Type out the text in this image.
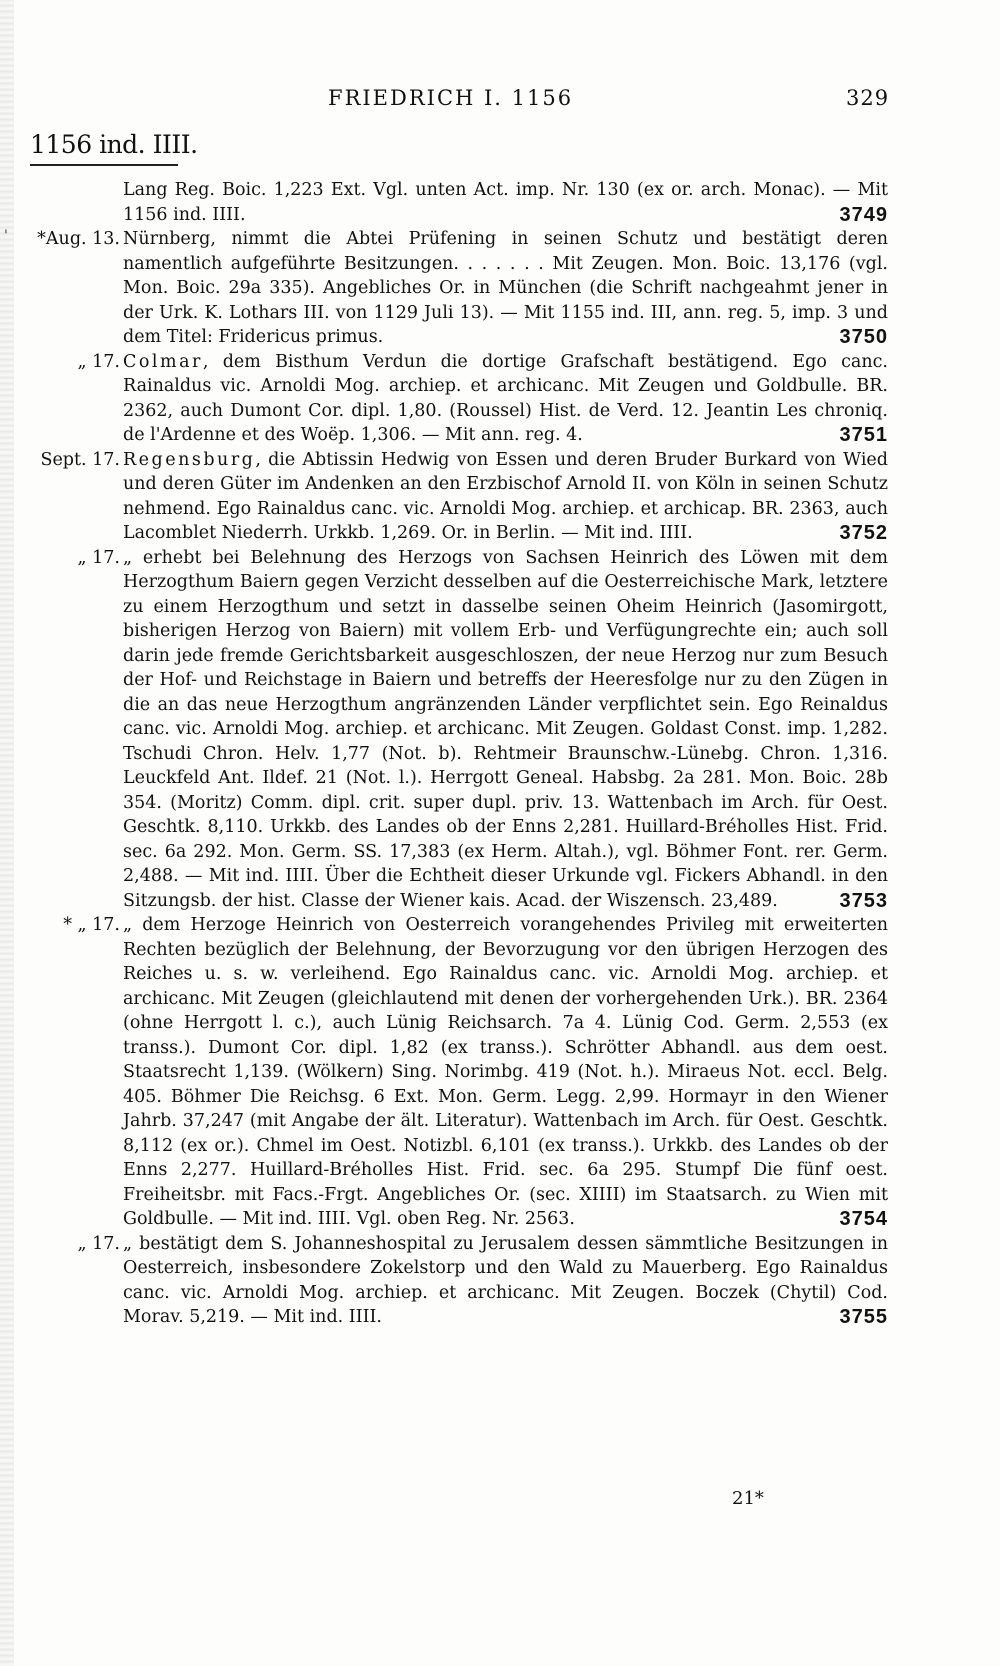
'
FRIEDRICH I. 1156	329
1156 ind. IIII.
Lang Reg. Boic. 1,223 Ext. Vgl. unten Act. imp. Nr. 130 (ex or. arch. Monac). — Mit 1156 ind. IIII.	3749
*Aug. 13. Nürnberg, nimmt die Abtei Prüfening in seinen Schutz und bestätigt deren namentlich aufgeführte Besitzungen. . . . . . . Mit Zeugen. Mon. Boic. 13,176 (vgl. Mon. Boic. 29a 335). Angebliches Or. in München (die Schrift nachgeahmt jener in der Urk. K. Lothars III. von 1129 Juli 13). — Mit 1155 ind. III, ann. reg. 5, imp. 3 und dem Titel: Fridericus primus.	3750
„ 17. Colmar, dem Bisthum Verdun die dortige Grafschaft bestätigend. Ego canc. Rainaldus vic. Arnoldi Mog. archiep. et archicanc. Mit Zeugen und Goldbulle. BR. 2362, auch Dumont Cor. dipl. 1,80. (Roussel) Hist. de Verd. 12. Jeantin Les chroniq. de l'Ardenne et des Woëp. 1,306. — Mit ann. reg. 4.	3751
Sept. 17. Regensburg, die Abtissin Hedwig von Essen und deren Bruder Burkard von Wied und deren Güter im Andenken an den Erzbischof Arnold II. von Köln in seinen Schutz nehmend. Ego Rainaldus canc. vic. Arnoldi Mog. archiep. et archicap. BR. 2363, auch Lacomblet Niederrh. Urkkb. 1,269. Or. in Berlin. — Mit ind. IIII.	3752
„ 17. „ erhebt bei Belehnung des Herzogs von Sachsen Heinrich des Löwen mit dem Herzogthum Baiern gegen Verzicht desselben auf die Oesterreichische Mark, letztere zu einem Herzogthum und setzt in dasselbe seinen Oheim Heinrich (Jasomirgott, bisherigen Herzog von Baiern) mit vollem Erb- und Verfügungrechte ein; auch soll darin jede fremde Gerichtsbarkeit ausgeschloszen, der neue Herzog nur zum Besuch der Hof- und Reichstage in Baiern und betreffs der Heeresfolge nur zu den Zügen in die an das neue Herzogthum angränzenden Länder verpflichtet sein. Ego Reinaldus canc. vic. Arnoldi Mog. archiep. et archicanc. Mit Zeugen. Goldast Const. imp. 1,282. Tschudi Chron. Helv. 1,77 (Not. b). Rehtmeir Braunschw.-Lünebg. Chron. 1,316. Leuckfeld Ant. Ildef. 21 (Not. l.). Herrgott Geneal. Habsbg. 2a 281. Mon. Boic. 28b 354. (Moritz) Comm. dipl. crit. super dupl. priv. 13. Wattenbach im Arch. für Oest. Geschtk. 8,110. Urkkb. des Landes ob der Enns 2,281. Huillard-Bréholles Hist. Frid. sec. 6a 292. Mon. Germ. SS. 17,383 (ex Herm. Altah.), vgl. Böhmer Font. rer. Germ. 2,488. — Mit ind. IIII. Über die Echtheit dieser Urkunde vgl. Fickers Abhandl. in den Sitzungsb. der hist. Classe der Wiener kais. Acad. der Wiszensch. 23,489.	3753
* „ 17. „ dem Herzoge Heinrich von Oesterreich vorangehendes Privileg mit erweiterten Rechten bezüglich der Belehnung, der Bevorzugung vor den übrigen Herzogen des Reiches u. s. w. verleihend. Ego Rainaldus canc. vic. Arnoldi Mog. archiep. et archicanc. Mit Zeugen (gleichlautend mit denen der vorhergehenden Urk.). BR. 2364 (ohne Herrgott l. c.), auch Lünig Reichsarch. 7a 4. Lünig Cod. Germ. 2,553 (ex transs.). Dumont Cor. dipl. 1,82 (ex transs.). Schrötter Abhandl. aus dem oest. Staatsrecht 1,139. (Wölkern) Sing. Norimbg. 419 (Not. h.). Miraeus Not. eccl. Belg. 405. Böhmer Die Reichsg. 6 Ext. Mon. Germ. Legg. 2,99. Hormayr in den Wiener Jahrb. 37,247 (mit Angabe der ält. Literatur). Wattenbach im Arch. für Oest. Geschtk. 8,112 (ex or.). Chmel im Oest. Notizbl. 6,101 (ex transs.). Urkkb. des Landes ob der Enns 2,277. Huillard-Bréholles Hist. Frid. sec. 6a 295. Stumpf Die fünf oest. Freiheitsbr. mit Facs.-Frgt. Angebliches Or. (sec. XIIII) im Staatsarch. zu Wien mit Goldbulle. — Mit ind. IIII. Vgl. oben Reg. Nr. 2563.	3754
„ 17. „ bestätigt dem S. Johanneshospital zu Jerusalem dessen sämmtliche Besitzungen in Oesterreich, insbesondere Zokelstorp und den Wald zu Mauerberg. Ego Rainaldus canc. vic. Arnoldi Mog. archiep. et archicanc. Mit Zeugen. Boczek (Chytil) Cod. Morav. 5,219. — Mit ind. IIII.	3755
21*
